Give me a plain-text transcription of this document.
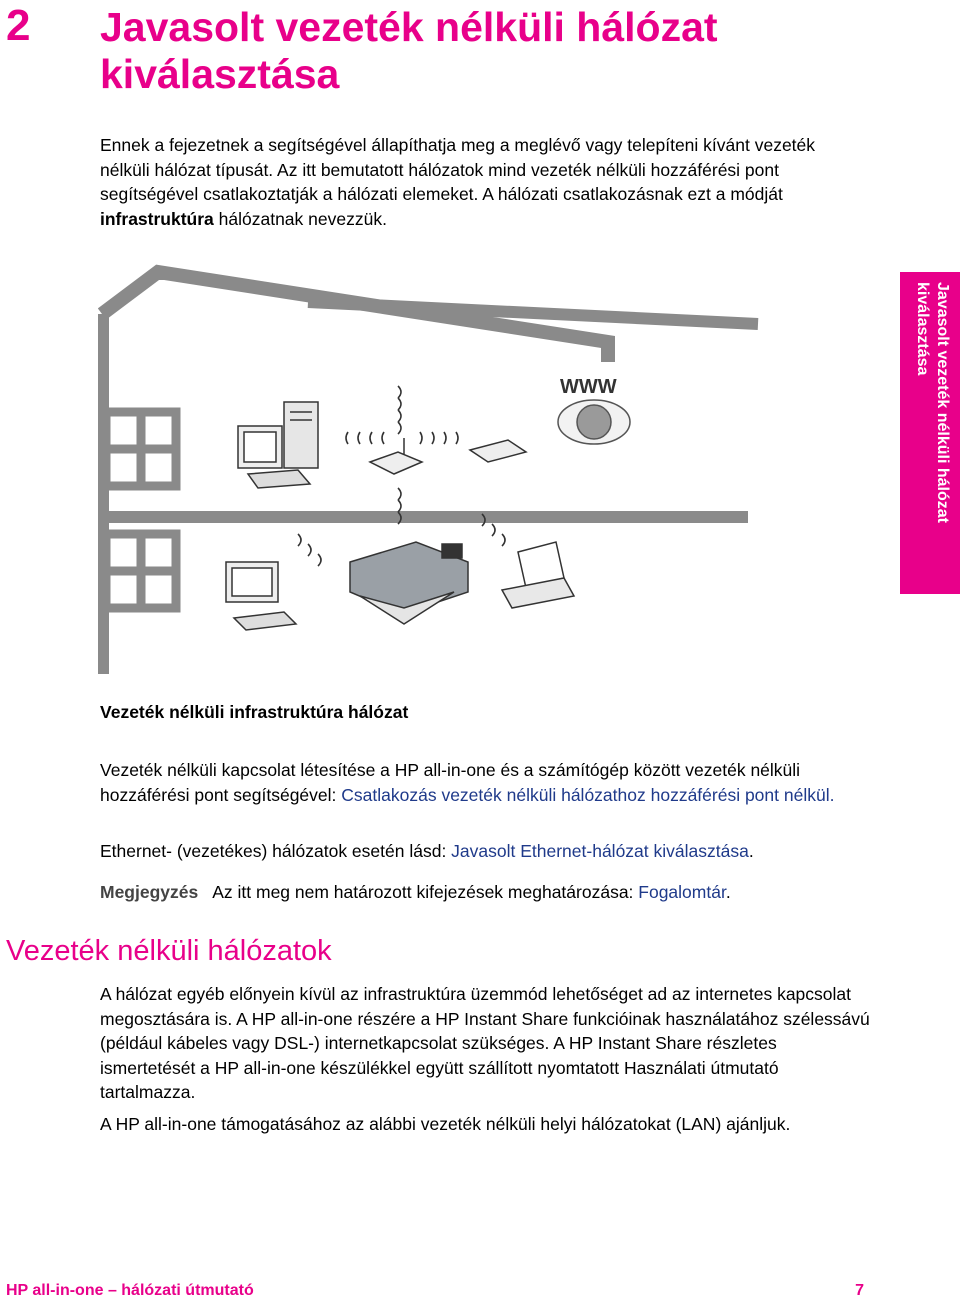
2 Javasolt vezeték nélküli hálózat kiválasztása

Ennek a fejezetnek a segítségével állapíthatja meg a meglévő vagy telepíteni kívánt vezeték nélküli hálózat típusát. Az itt bemutatott hálózatok mind vezeték nélküli hozzáférési pont segítségével csatlakoztatják a hálózati elemeket. A hálózati csatlakozásnak ezt a módját infrastruktúra hálózatnak nevezzük.

WWW	Javasolt vezeték nélküli hálózat kiválasztása

Vezeték nélküli infrastruktúra hálózat

Vezeték nélküli kapcsolat létesítése a HP all-in-one és a számítógép között vezeték nélküli hozzáférési pont segítségével: Csatlakozás vezeték nélküli hálózathoz hozzáférési pont nélkül.

Ethernet- (vezetékes) hálózatok esetén lásd: Javasolt Ethernet-hálózat kiválasztása.

Megjegyzés Az itt meg nem határozott kifejezések meghatározása: Fogalomtár.

Vezeték nélküli hálózatok

A hálózat egyéb előnyein kívül az infrastruktúra üzemmód lehetőséget ad az internetes kapcsolat megosztására is. A HP all-in-one részére a HP Instant Share funkcióinak használatához szélessávú (például kábeles vagy DSL-) internetkapcsolat szükséges. A HP Instant Share részletes ismertetését a HP all-in-one készülékkel együtt szállított nyomtatott Használati útmutató tartalmazza.

A HP all-in-one támogatásához az alábbi vezeték nélküli helyi hálózatokat (LAN) ajánljuk.

HP all-in-one – hálózati útmutató	7
